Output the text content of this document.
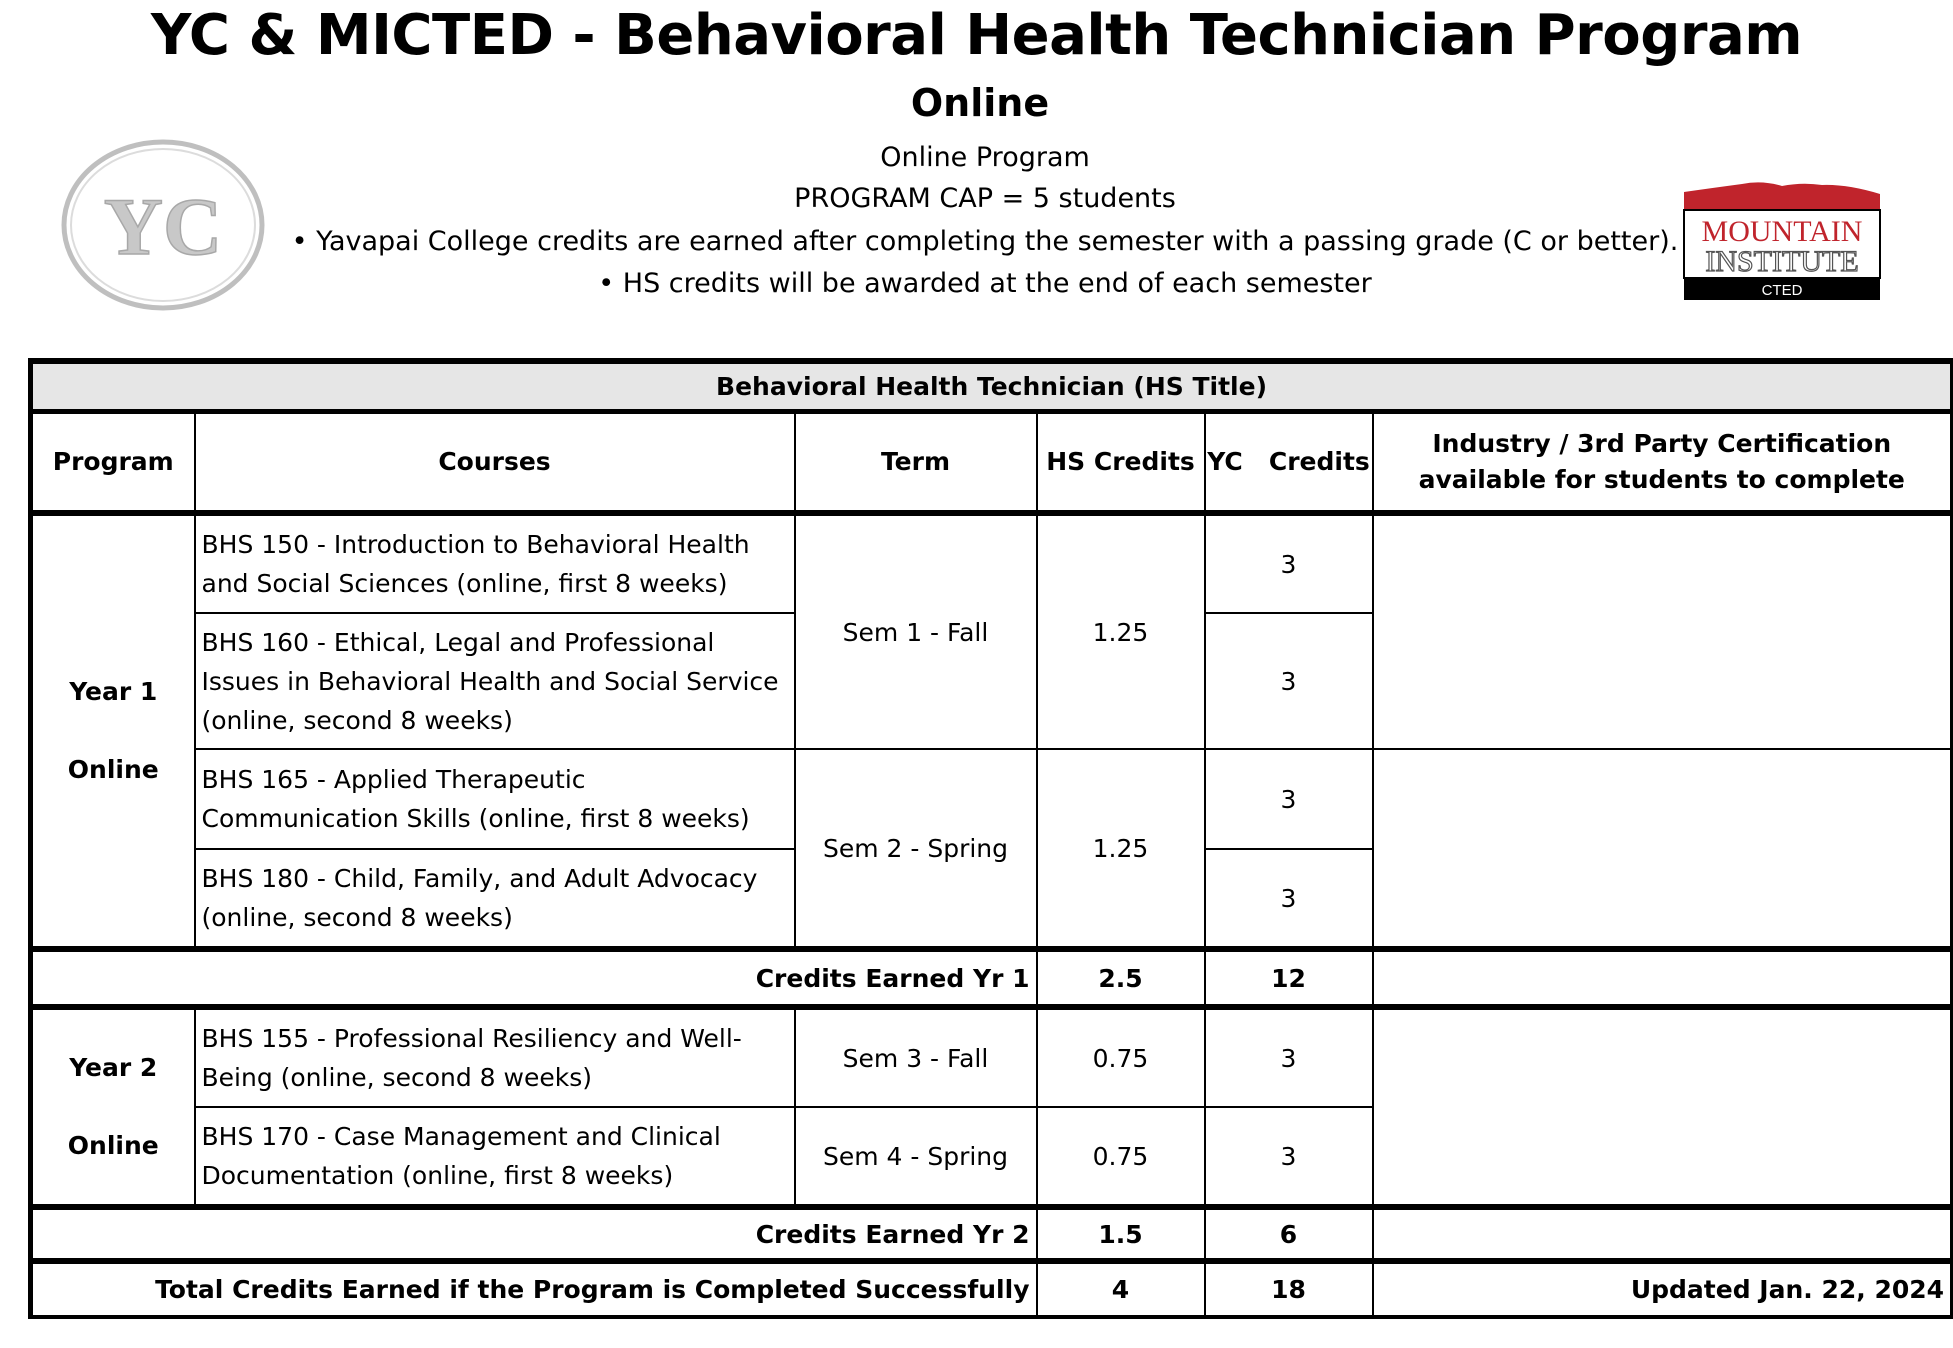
YC & MICTED - Behavioral Health Technician Program
Online
Online Program
PROGRAM CAP = 5 students
• Yavapai College credits are earned after completing the semester with a passing grade (C or better).
• HS credits will be awarded at the end of each semester
YC	MOUNTAIN
INSTITUTE
CTED
Behavioral Health Technician (HS Title)					
Program	Courses	Term	HS Credits	YC   Credits	Industry / 3rd Party Certification available for students to complete

Year 1
Online	BHS 150 - Introduction to Behavioral Health and Social Sciences (online, first 8 weeks)	Sem 1 - Fall	1.25	3	
	BHS 160 - Ethical, Legal and Professional Issues in Behavioral Health and Social Service (online, second 8 weeks)			3	
	BHS 165 - Applied Therapeutic Communication Skills (online, first 8 weeks)	Sem 2 - Spring	1.25	3	
	BHS 180 - Child, Family, and Adult Advocacy (online, second 8 weeks)			3	
Credits Earned Yr 1			2.5	12	

Year 2
Online	BHS 155 - Professional Resiliency and Well-Being (online, second 8 weeks)	Sem 3 - Fall	0.75	3	
	BHS 170 - Case Management and Clinical Documentation (online, first 8 weeks)	Sem 4 - Spring	0.75	3	
Credits Earned Yr 2			1.5	6	
Total Credits Earned if the Program is Completed Successfully			4	18	Updated Jan. 22, 2024
